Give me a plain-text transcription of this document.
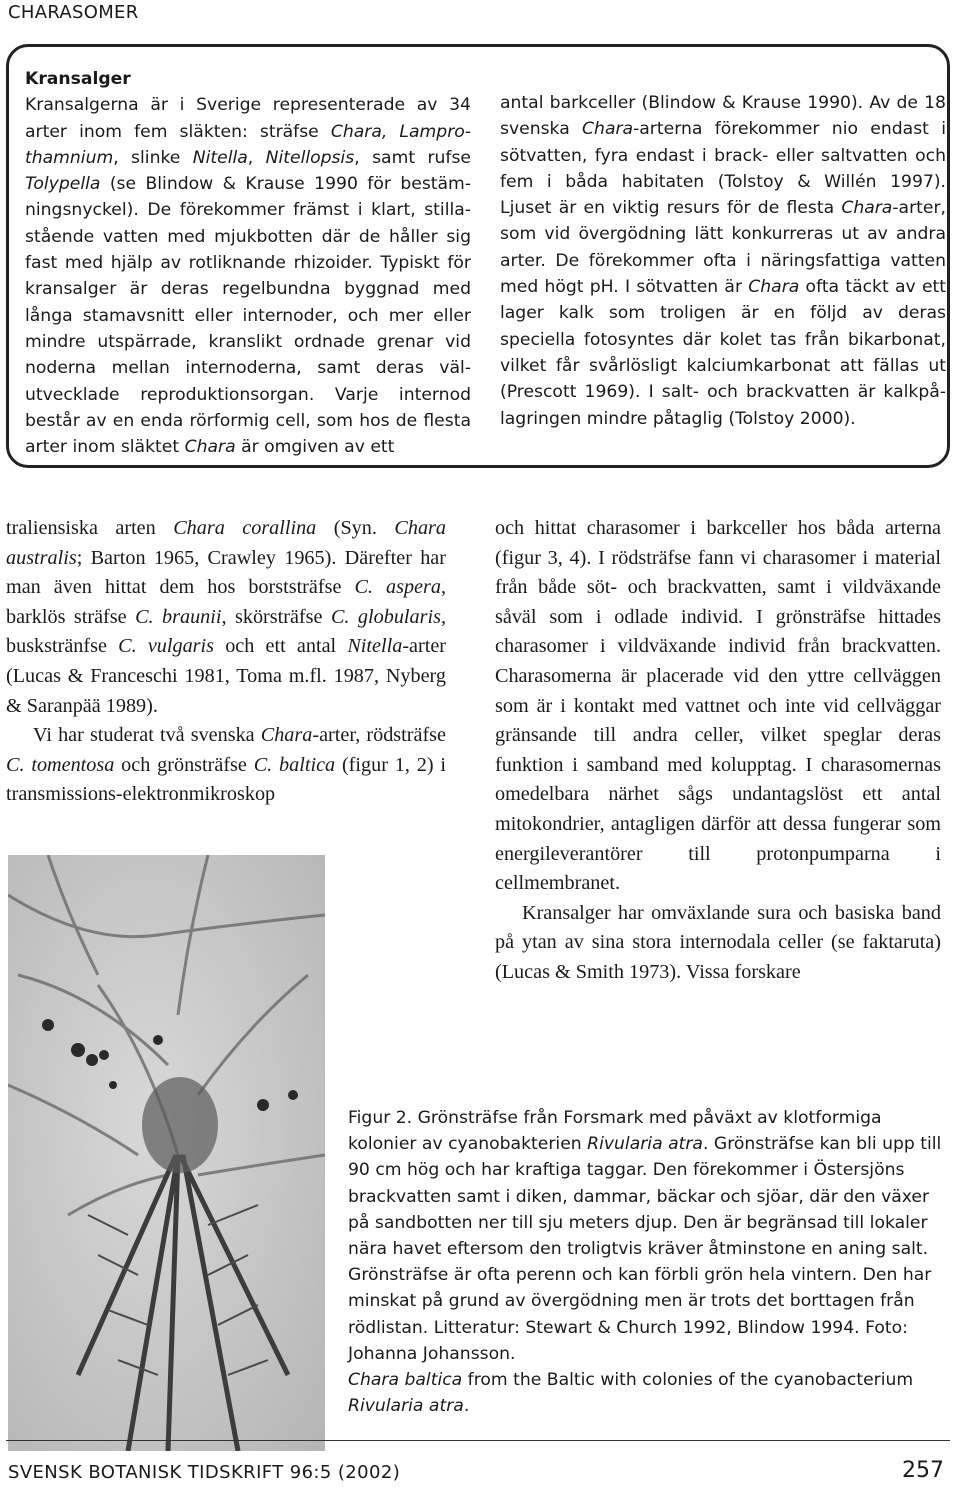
CHARASOMER
Kransalger

Kransalgerna är i Sverige representerade av 34 arter inom fem släkten: sträfse Chara, Lamprothamnium, slinke Nitella, Nitellopsis, samt rufse Tolypella (se Blindow & Krause 1990 för bestämningsnyckel). De förekommer främst i klart, stillastående vatten med mjukbotten där de håller sig fast med hjälp av rotliknande rhizoider. Typiskt för kransalger är deras regelbundna byggnad med långa stamavsnitt eller internoder, och mer eller mindre utspärrade, kranslikt ordnade grenar vid noderna mellan internoderna, samt deras välutvecklade reproduktionsorgan. Varje internod består av en enda rörformig cell, som hos de flesta arter inom släktet Chara är omgiven av ett

antal barkceller (Blindow & Krause 1990). Av de 18 svenska Chara-arterna förekommer nio endast i sötvatten, fyra endast i brack- eller saltvatten och fem i båda habitaten (Tolstoy & Willén 1997). Ljuset är en viktig resurs för de flesta Chara-arter, som vid övergödning lätt konkurreras ut av andra arter. De förekommer ofta i näringsfattiga vatten med högt pH. I sötvatten är Chara ofta täckt av ett lager kalk som troligen är en följd av deras speciella fotosyntes där kolet tas från bikarbonat, vilket får svårlösligt kalciumkarbonat att fällas ut (Prescott 1969). I salt- och brackvatten är kalkpålagringen mindre påtaglig (Tolstoy 2000).

traliensiska arten Chara corallina (Syn. Chara australis; Barton 1965, Crawley 1965). Därefter har man även hittat dem hos borststräfse C. aspera, barklös sträfse C. braunii, skörsträfse C. globularis, buskstränfse C. vulgaris och ett antal Nitella-arter (Lucas & Franceschi 1981, Toma m.fl. 1987, Nyberg & Saranpää 1989).

Vi har studerat två svenska Chara-arter, rödsträfse C. tomentosa och grönsträfse C. baltica (figur 1, 2) i transmissions-elektronmikroskop

och hittat charasomer i barkceller hos båda arterna (figur 3, 4). I rödsträfse fann vi charasomer i material från både söt- och brackvatten, samt i vildväxande såväl som i odlade individ. I grönsträfse hittades charasomer i vildväxande individ från brackvatten. Charasomerna är placerade vid den yttre cellväggen som är i kontakt med vattnet och inte vid cellväggar gränsande till andra celler, vilket speglar deras funktion i samband med kolupptag. I charasomernas omedelbara närhet sågs undantagslöst ett antal mitokondrier, antagligen därför att dessa fungerar som energileverantörer till protonpumparna i cellmembranet.

Kransalger har omväxlande sura och basiska band på ytan av sina stora internodala celler (se faktaruta) (Lucas & Smith 1973). Vissa forskare

Figur 2. Grönsträfse från Forsmark med påväxt av klotformiga kolonier av cyanobakterien Rivularia atra. Grönsträfse kan bli upp till 90 cm hög och har kraftiga taggar. Den förekommer i Östersjöns brackvatten samt i diken, dammar, bäckar och sjöar, där den växer på sandbotten ner till sju meters djup. Den är begränsad till lokaler nära havet eftersom den troligtvis kräver åtminstone en aning salt. Grönsträfse är ofta perenn och kan förbli grön hela vintern. Den har minskat på grund av övergödning men är trots det borttagen från rödlistan. Litteratur: Stewart & Church 1992, Blindow 1994. Foto: Johanna Johansson.

Chara baltica from the Baltic with colonies of the cyanobacterium Rivularia atra.

SVENSK BOTANISK TIDSKRIFT 96:5 (2002)	257
